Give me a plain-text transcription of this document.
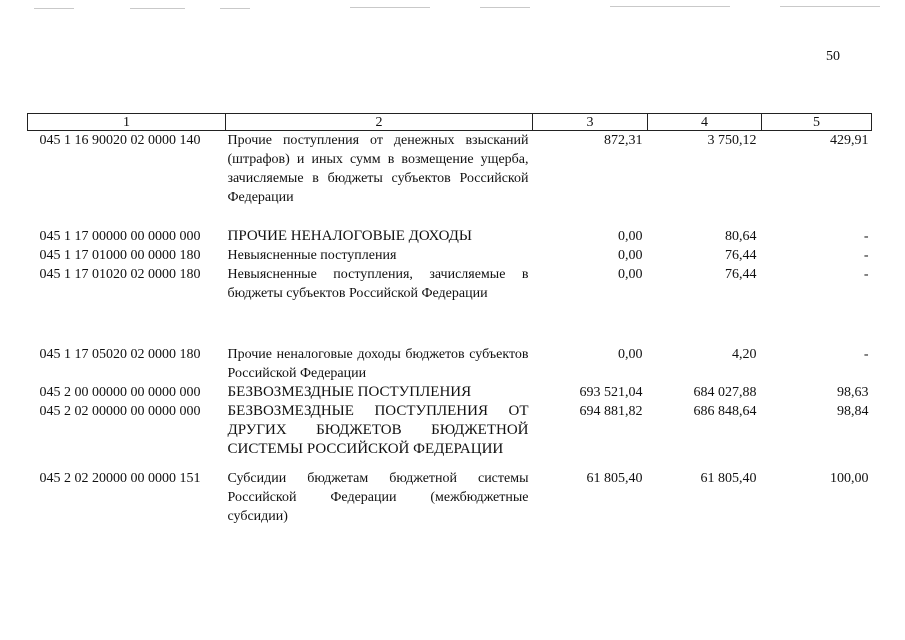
50
1	2	3	4	5
045 1 16 90020 02 0000 140	Прочие поступления от денежных взысканий (штрафов) и иных сумм в возмещение ущерба, зачисляемые в бюджеты субъектов Российской Федерации	872,31	3 750,12	429,91
045 1 17 00000 00 0000 000	ПРОЧИЕ НЕНАЛОГОВЫЕ ДОХОДЫ	0,00	80,64	-
045 1 17 01000 00 0000 180	Невыясненные поступления	0,00	76,44	-
045 1 17 01020 02 0000 180	Невыясненные поступления, зачисляемые в бюджеты субъектов Российской Федерации	0,00	76,44	-
045 1 17 05020 02 0000 180	Прочие неналоговые доходы бюджетов субъектов Российской Федерации	0,00	4,20	-
045 2 00 00000 00 0000 000	БЕЗВОЗМЕЗДНЫЕ ПОСТУПЛЕНИЯ	693 521,04	684 027,88	98,63
045 2 02 00000 00 0000 000	БЕЗВОЗМЕЗДНЫЕ ПОСТУПЛЕНИЯ ОТ ДРУГИХ БЮДЖЕТОВ БЮДЖЕТНОЙ СИСТЕМЫ РОССИЙСКОЙ ФЕДЕРАЦИИ	694 881,82	686 848,64	98,84
045 2 02 20000 00 0000 151	Субсидии бюджетам бюджетной системы Российской Федерации (межбюджетные субсидии)	61 805,40	61 805,40	100,00
